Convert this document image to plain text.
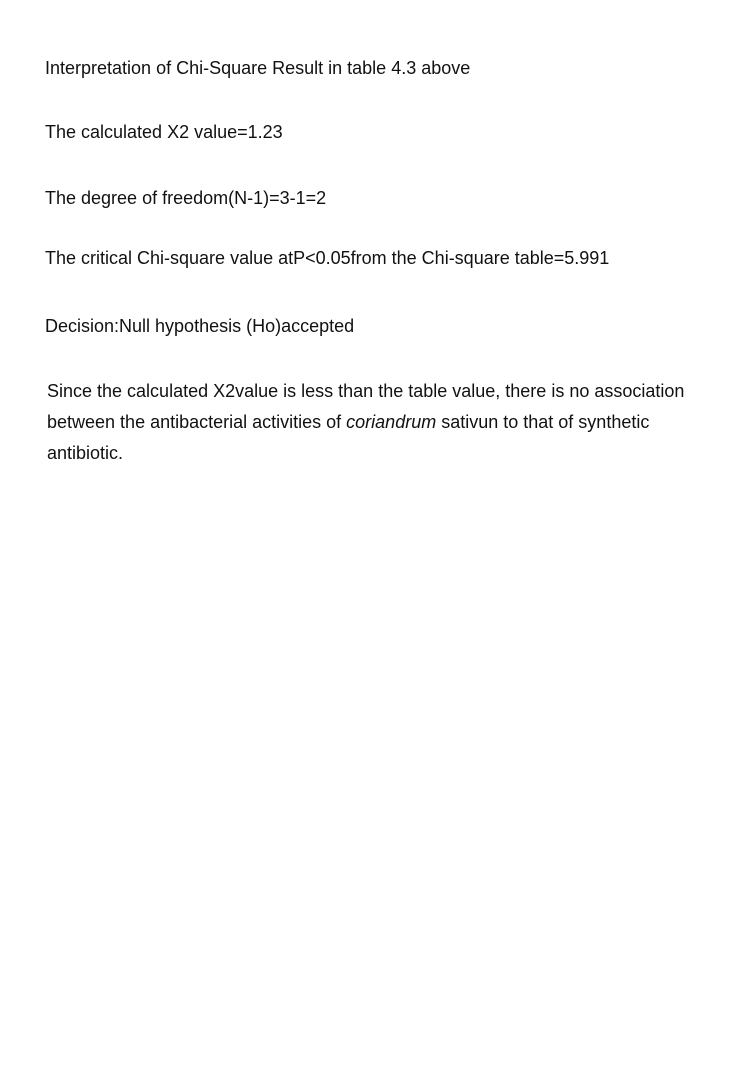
Interpretation of Chi-Square Result in table 4.3 above
The calculated X2 value=1.23
The degree of freedom(N-1)=3-1=2
The critical Chi-square value atP<0.05from the Chi-square table=5.991
Decision:Null hypothesis (Ho)accepted

Since the calculated X2value is less than the table value, there is no association between the antibacterial activities of coriandrum sativun to that of synthetic antibiotic.
